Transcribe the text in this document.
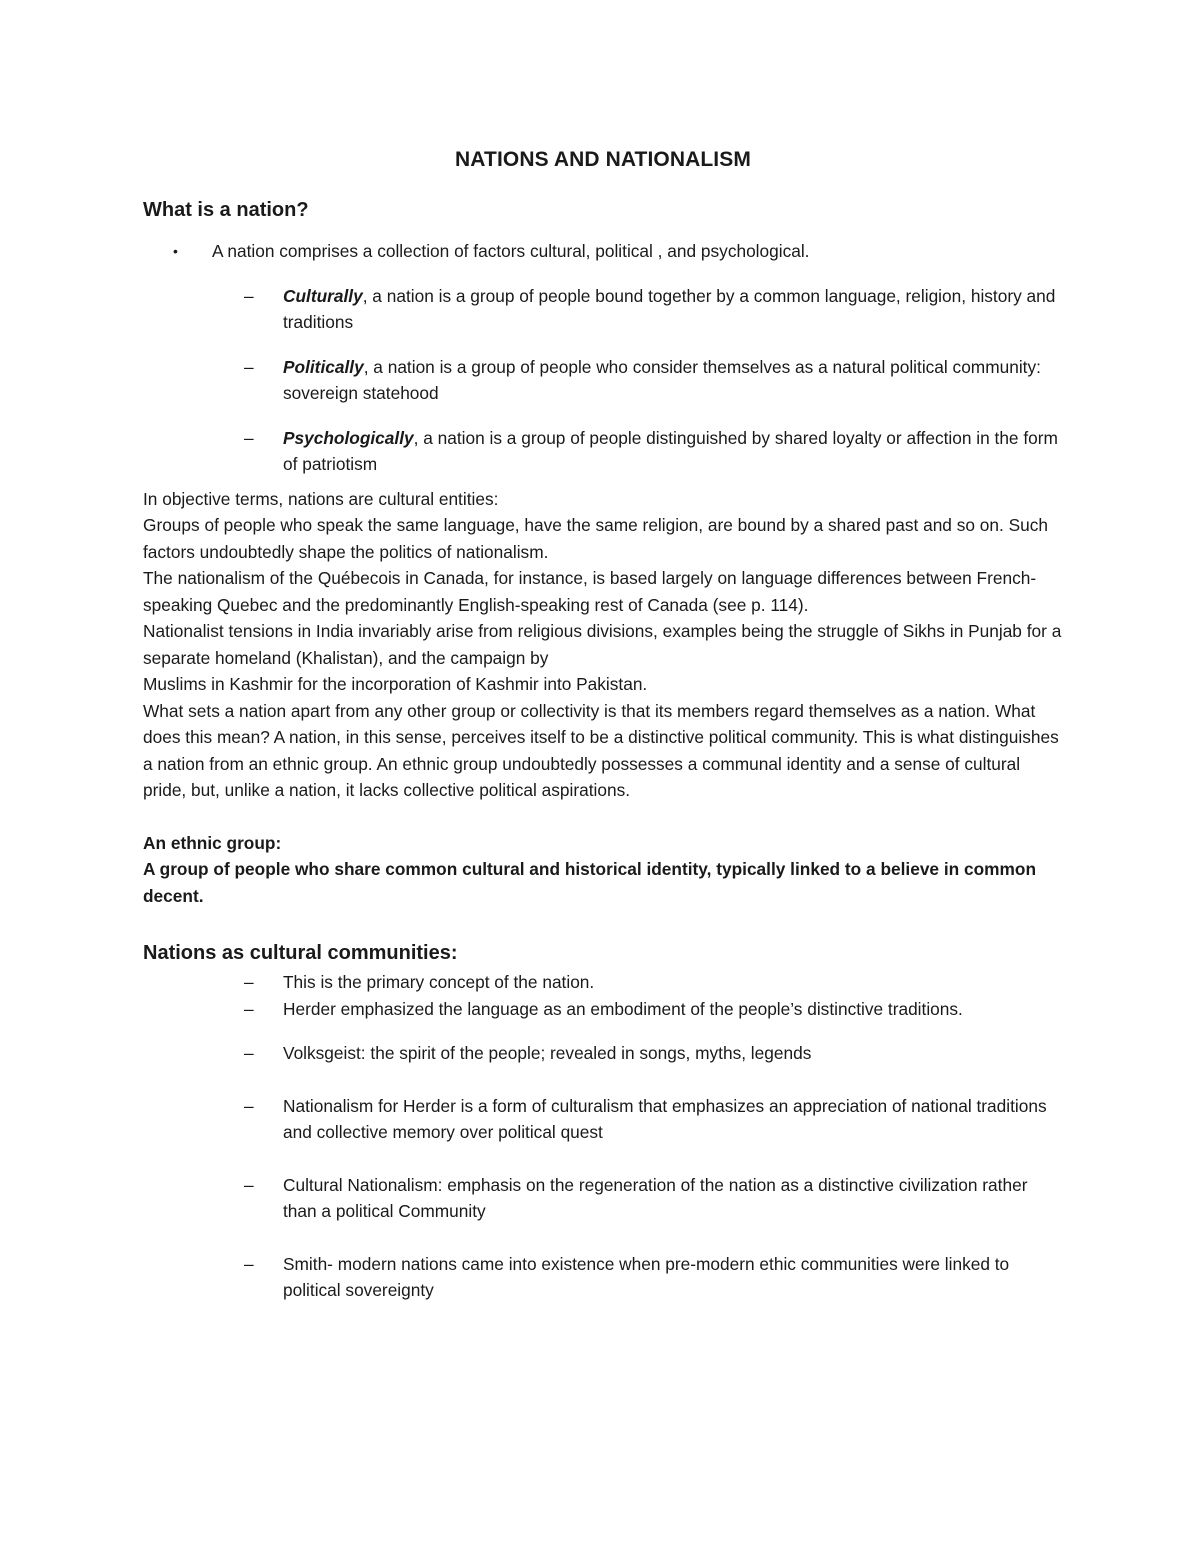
NATIONS AND NATIONALISM
What is a nation?
• A nation comprises a collection of factors cultural, political , and psychological.
– Culturally, a nation is a group of people bound together by a common language, religion, history and traditions
– Politically, a nation is a group of people who consider themselves as a natural political community: sovereign statehood
– Psychologically, a nation is a group of people distinguished by shared loyalty or affection in the form of patriotism

In objective terms, nations are cultural entities:

Groups of people who speak the same language, have the same religion, are bound by a shared past and so on. Such factors undoubtedly shape the politics of nationalism.

The nationalism of the Québecois in Canada, for instance, is based largely on language differences between French-speaking Quebec and the predominantly English-speaking rest of Canada (see p. 114).

Nationalist tensions in India invariably arise from religious divisions, examples being the struggle of Sikhs in Punjab for a separate homeland (Khalistan), and the campaign by

Muslims in Kashmir for the incorporation of Kashmir into Pakistan.

What sets a nation apart from any other group or collectivity is that its members regard themselves as a nation. What does this mean? A nation, in this sense, perceives itself to be a distinctive political community. This is what distinguishes a nation from an ethnic group. An ethnic group undoubtedly possesses a communal identity and a sense of cultural pride, but, unlike a nation, it lacks collective political aspirations.

An ethnic group:

A group of people who share common cultural and historical identity, typically linked to a believe in common decent.

Nations as cultural communities:
– This is the primary concept of the nation.
– Herder emphasized the language as an embodiment of the people’s distinctive traditions.
– Volksgeist: the spirit of the people; revealed in songs, myths, legends
– Nationalism for Herder is a form of culturalism that emphasizes an appreciation of national traditions and collective memory over political quest
– Cultural Nationalism: emphasis on the regeneration of the nation as a distinctive civilization rather than a political Community
– Smith- modern nations came into existence when pre-modern ethic communities were linked to political sovereignty
